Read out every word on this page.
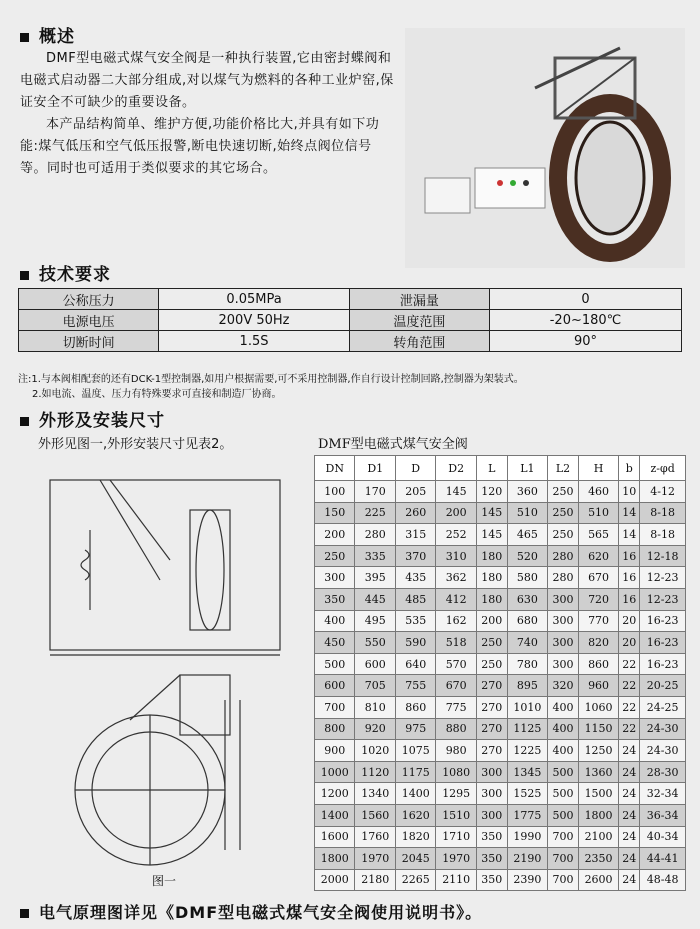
概述

DMF型电磁式煤气安全阀是一种执行装置,它由密封蝶阀和电磁式启动器二大部分组成,对以煤气为燃料的各种工业炉窑,保证安全不可缺少的重要设备。

本产品结构简单、维护方便,功能价格比大,并具有如下功能:煤气低压和空气低压报警,断电快速切断,始终点阀位信号等。同时也可适用于类似要求的其它场合。

技术要求
公称压力	0.05MPa	泄漏量	0
电源电压	200V 50Hz	温度范围	-20~180℃
切断时间	1.5S	转角范围	90°
注:1.与本阀相配套的还有DCK-1型控制器,如用户根据需要,可不采用控制器,作自行设计控制回路,控制器为架装式。
2.如电流、温度、压力有特殊要求可直接和制造厂协商。
外形及安装尺寸
外形见图一,外形安装尺寸见表2。	DMF型电磁式煤气安全阀
图一
DN	D1	D	D2	L	L1	L2	H	b	z-φd
100	170	205	145	120	360	250	460	10	4-12
150	225	260	200	145	510	250	510	14	8-18
200	280	315	252	145	465	250	565	14	8-18
250	335	370	310	180	520	280	620	16	12-18
300	395	435	362	180	580	280	670	16	12-23
350	445	485	412	180	630	300	720	16	12-23
400	495	535	162	200	680	300	770	20	16-23
450	550	590	518	250	740	300	820	20	16-23
500	600	640	570	250	780	300	860	22	16-23
600	705	755	670	270	895	320	960	22	20-25
700	810	860	775	270	1010	400	1060	22	24-25
800	920	975	880	270	1125	400	1150	22	24-30
900	1020	1075	980	270	1225	400	1250	24	24-30
1000	1120	1175	1080	300	1345	500	1360	24	28-30
1200	1340	1400	1295	300	1525	500	1500	24	32-34
1400	1560	1620	1510	300	1775	500	1800	24	36-34
1600	1760	1820	1710	350	1990	700	2100	24	40-34
1800	1970	2045	1970	350	2190	700	2350	24	44-41
2000	2180	2265	2110	350	2390	700	2600	24	48-48
电气原理图详见《DMF型电磁式煤气安全阀使用说明书》。
